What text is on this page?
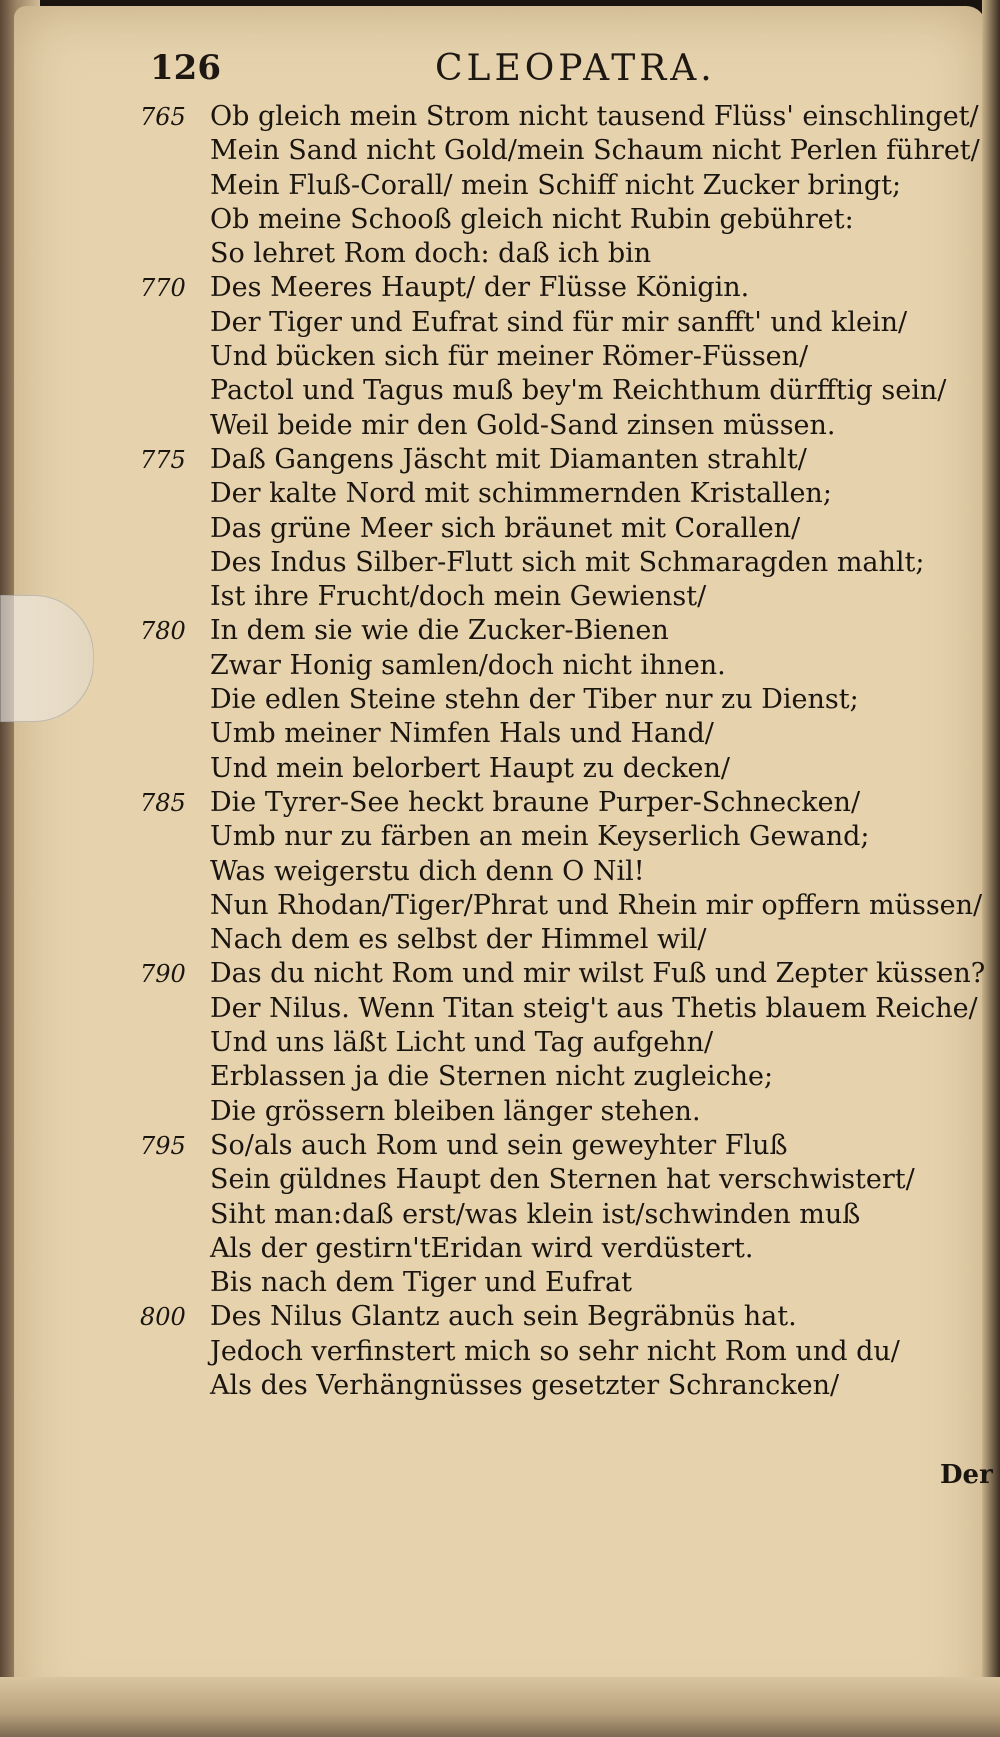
126	CLEOPATRA.
765 Ob gleich mein Strom nicht tausend Flüss' einschlinget/
Mein Sand nicht Gold/mein Schaum nicht Perlen führet/
Mein Fluß-Corall/ mein Schiff nicht Zucker bringt;
Ob meine Schooß gleich nicht Rubin gebühret:
So lehret Rom doch: daß ich bin
770 Des Meeres Haupt/ der Flüsse Königin.
Der Tiger und Eufrat sind für mir sanfft' und klein/
Und bücken sich für meiner Römer-Füssen/
Pactol und Tagus muß bey'm Reichthum dürfftig sein/
Weil beide mir den Gold-Sand zinsen müssen.
775 Daß Gangens Jäscht mit Diamanten strahlt/
Der kalte Nord mit schimmernden Kristallen;
Das grüne Meer sich bräunet mit Corallen/
Des Indus Silber-Flutt sich mit Schmaragden mahlt;
Ist ihre Frucht/doch mein Gewienst/
780 In dem sie wie die Zucker-Bienen
Zwar Honig samlen/doch nicht ihnen.
Die edlen Steine stehn der Tiber nur zu Dienst;
Umb meiner Nimfen Hals und Hand/
Und mein belorbert Haupt zu decken/
785 Die Tyrer-See heckt braune Purper-Schnecken/
Umb nur zu färben an mein Keyserlich Gewand;
Was weigerstu dich denn O Nil!
Nun Rhodan/Tiger/Phrat und Rhein mir opffern müssen/
Nach dem es selbst der Himmel wil/
790 Das du nicht Rom und mir wilst Fuß und Zepter küssen?
Der Nilus. Wenn Titan steig't aus Thetis blauem Reiche/
Und uns läßt Licht und Tag aufgehn/
Erblassen ja die Sternen nicht zugleiche;
Die grössern bleiben länger stehen.
795 So/als auch Rom und sein geweyhter Fluß
Sein güldnes Haupt den Sternen hat verschwistert/
Siht man:daß erst/was klein ist/schwinden muß
Als der gestirn'tEridan wird verdüstert.
Bis nach dem Tiger und Eufrat
800 Des Nilus Glantz auch sein Begräbnüs hat.
Jedoch verfinstert mich so sehr nicht Rom und du/
Als des Verhängnüsses gesetzter Schrancken/
Der
